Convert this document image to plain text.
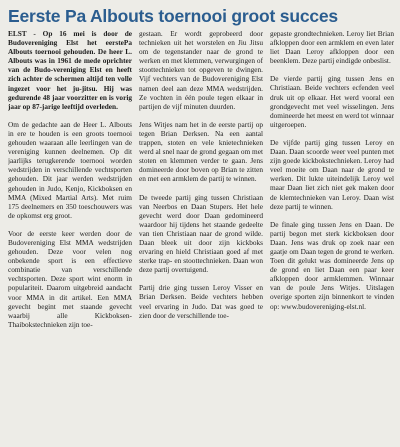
Eerste Pa Albouts toernooi groot succes

ELST - Op 16 mei is door de Budovereniging Elst het eerstePa Albouts toernooi gehouden. De heer L. Albouts was in 1961 de mede oprichter van de Budo-vereniging Elst en heeft zich achter de schermen altijd ten volle ingezet voor het ju-jitsu. Hij was gedurende 48 jaar voorzitter en is vorig jaar op 87-jarige leeftijd overleden.

Om de gedachte aan de Heer L. Albouts in ere te houden is een groots toernooi gehouden waaraan alle leerlingen van de vereniging kunnen deelnemen. Op dit jaarlijks terugkerende toernooi worden wedstrijden in verschillende vechtsporten gehouden. Dit jaar werden wedstrijden gehouden in Judo, Kenjo, Kickboksen en MMA (Mixed Martial Arts). Met ruim 175 deelnemers en 350 toeschouwers was de opkomst erg groot.

Voor de eerste keer werden door de Budovereniging Elst MMA wedstrijden gehouden. Deze voor velen nog onbekende sport is een effectieve combinatie van verschillende vechtsporten. Deze sport wint enorm in populariteit. Daarom uitgebreid aandacht voor MMA in dit artikel. Een MMA gevecht begint met staande gevecht waarbij alle Kickboksen-Thaibokstechnieken zijn toe-

gestaan. Er wordt geprobeerd door technieken uit het worstelen en Jiu Jitsu om de tegenstander naar de grond te werken en met klemmen, verwurgingen of stoottechnieken tot opgeven te dwingen. Vijf vechters van de Budovereniging Elst namen deel aan deze MMA wedstrijden. Ze vochten in één poule tegen elkaar in partijen de vijf minuten duurden.

Jens Witjes nam het in de eerste partij op tegen Brian Derksen. Na een aantal trappen, stoten en vele knietechnieken werd al snel naar de grond gegaan om met stoten en klemmen verder te gaan. Jens domineerde door boven op Brian te zitten en met een armklem de partij te winnen.

De tweede partij ging tussen Christiaan van Neerbos en Daan Stupers. Het hele gevecht werd door Daan gedomineerd waardoor hij tijdens het staande gedeelte van tien Christiaan naar de grond wilde. Daan bleek uit door zijn kickboks ervaring en hield Christiaan goed af met sterke trap- en stoottechnieken. Daan won deze partij overtuigend.

Partij drie ging tussen Leroy Visser en Brian Derksen. Beide vechters hebben veel ervaring in Judo. Dat was goed te zien door de verschillende toe-

gepaste grondtechnieken. Leroy liet Brian afkloppen door een armklem en even later liet Daan Leroy afkloppen door een beenklem. Deze partij eindigde onbeslist.

De vierde partij ging tussen Jens en Christiaan. Beide vechters ecfenden veel druk uit op elkaar. Het werd vooral een grondgevecht met veel wisselingen. Jens domineerde het meest en werd tot winnaar uitgeroepen.

De vijfde partij ging tussen Leroy en Daan. Daan scoorde weer veel punten met zijn goede kickbokstechnieken. Leroy had veel moeite om Daan naar de grond te werken. Dit lukte uiteindelijk Leroy wel maar Daan liet zich niet gek maken door de klemtechnieken van Leroy. Daan wist deze partij te winnen.

De finale ging tussen Jens en Daan. De partij begon met sterk kickboksen door Daan. Jens was druk op zoek naar een gaatje om Daan tegen de grond te werken. Toen dit gelukt was domineerde Jens op de grond en liet Daan een paar keer afkloppen door armklemmen. Winnaar van de poule Jens Witjes. Uitslagen overige sporten zijn binnenkort te vinden op: www.budovereniging-elst.nl.
